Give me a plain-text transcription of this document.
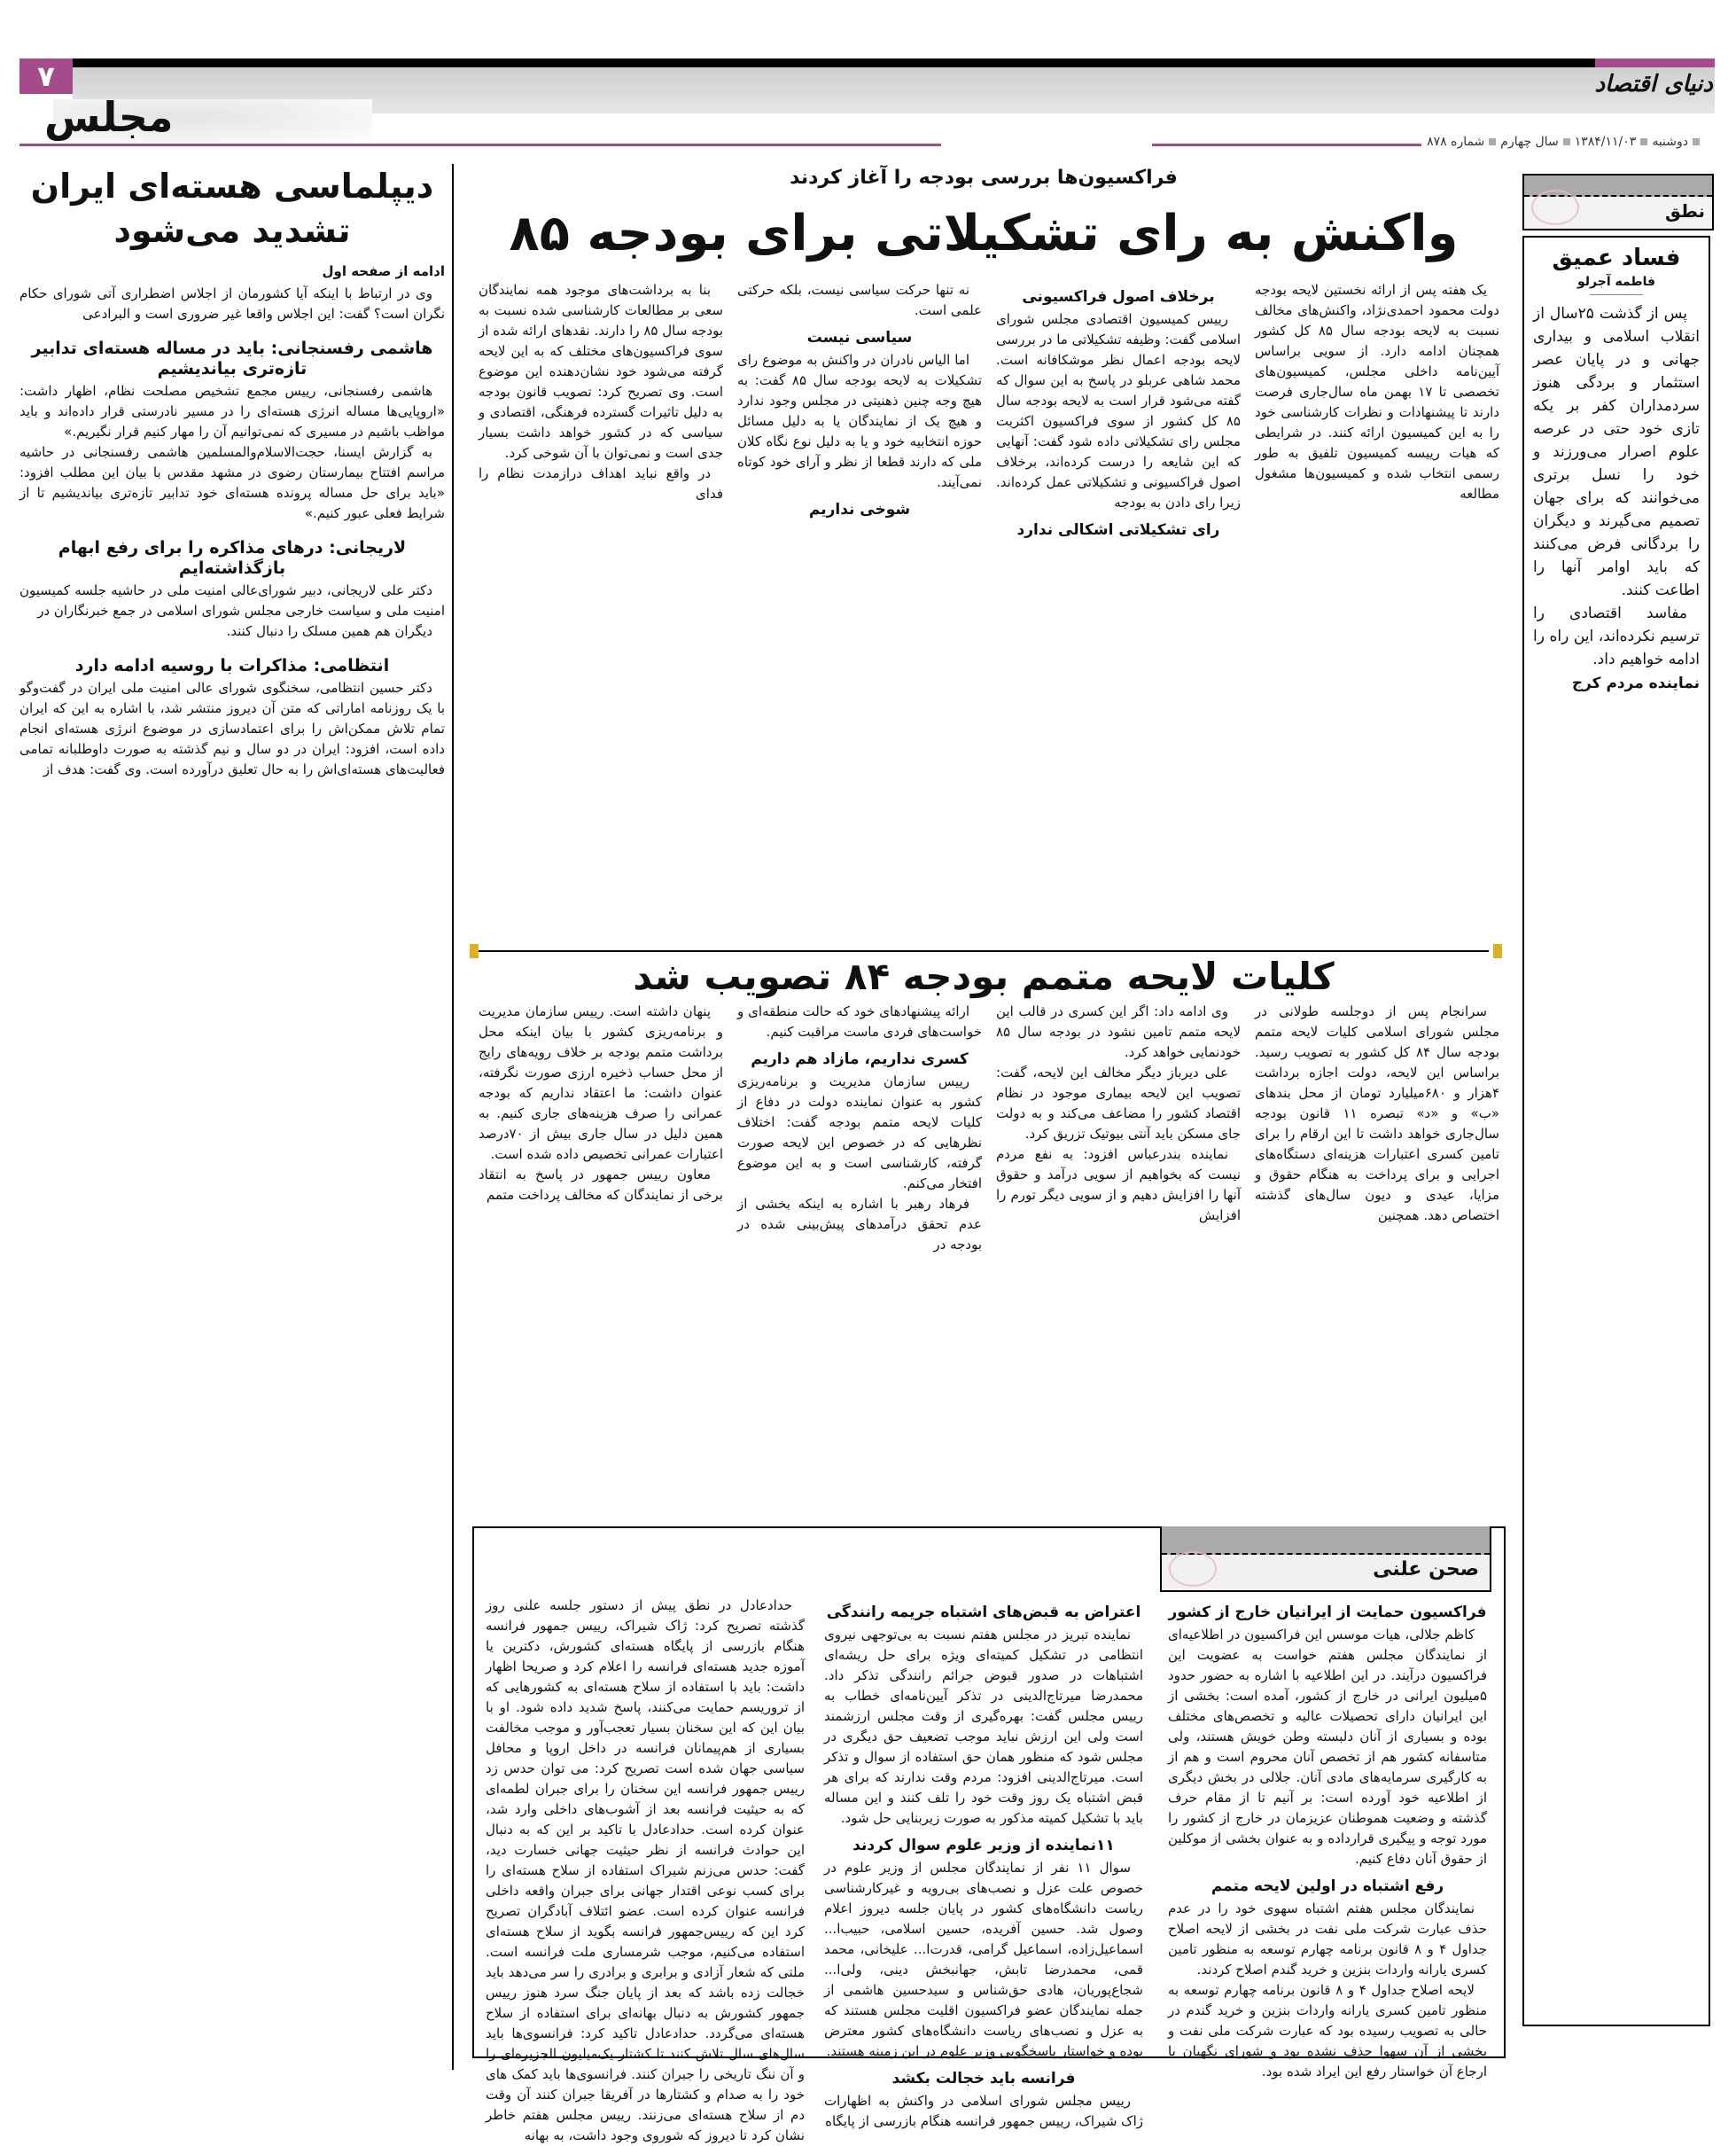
۷	دنیای اقتصاد
مجلس
دوشنبه۱۳۸۴/۱۱/۰۳سال چهارمشماره ۸۷۸
دیپلماسی هسته‌ای ایران تشدید می‌شود
ادامه از صفحه اول

وی در ارتباط با اینکه آیا کشورمان از اجلاس اضطراری آتی شورای حکام نگران است؟ گفت: این اجلاس واقعا غیر ضروری است و البرادعی

هاشمی رفسنجانی: باید در مساله هسته‌ای تدابیر تازه‌تری بیاندیشیم

هاشمی رفسنجانی، رییس مجمع تشخیص مصلحت نظام، اظهار داشت: «اروپایی‌ها مساله انرژی هسته‌ای را در مسیر نادرستی قرار داده‌اند و باید مواظب باشیم در مسیری که نمی‌توانیم آن را مهار کنیم قرار نگیریم.»

به گزارش ایسنا، حجت‌الاسلام‌والمسلمین هاشمی رفسنجانی در حاشیه مراسم افتتاح بیمارستان رضوی در مشهد مقدس با بیان این مطلب افزود: «باید برای حل مساله پرونده هسته‌ای خود تدابیر تازه‌تری بیاندیشیم تا از شرایط فعلی عبور کنیم.»

لاریجانی: درهای مذاکره را برای رفع ابهام بازگذاشته‌ایم

دکتر علی لاریجانی، دبیر شورای‌عالی امنیت ملی در حاشیه جلسه کمیسیون امنیت ملی و سیاست خارجی مجلس شورای اسلامی در جمع خبرنگاران در

دیگران هم همین مسلک را دنبال کنند.

انتظامی: مذاکرات با روسیه ادامه دارد

دکتر حسین انتظامی، سخنگوی شورای عالی امنیت ملی ایران در گفت‌وگو با یک روزنامه اماراتی که متن آن دیروز منتشر شد، با اشاره به این که ایران تمام تلاش ممکن‌اش را برای اعتمادسازی در موضوع انرژی هسته‌ای انجام داده است، افزود: ایران در دو سال و نیم گذشته به صورت داوطلبانه تمامی فعالیت‌های هسته‌ای‌اش را به حال تعلیق درآورده است. وی گفت: هدف از

فراکسیون‌ها بررسی بودجه را آغاز کردند
واکنش به رای تشکیلاتی برای بودجه ۸۵

یک هفته پس از ارائه نخستین لایحه بودجه دولت محمود احمدی‌نژاد، واکنش‌های مخالف نسبت به لایحه بودجه سال ۸۵ کل کشور همچنان ادامه دارد. از سویی براساس آیین‌نامه داخلی مجلس، کمیسیون‌های تخصصی تا ۱۷ بهمن ماه سال‌جاری فرصت دارند تا پیشنهادات و نظرات کارشناسی خود را به این کمیسیون ارائه کنند. در شرایطی که هیات رییسه کمیسیون تلفیق به طور رسمی انتخاب شده و کمیسیون‌ها مشغول مطالعه

برخلاف اصول فراکسیونی

رییس کمیسیون اقتصادی مجلس شورای اسلامی گفت: وظیفه تشکیلاتی ما در بررسی لایحه بودجه اعمال نظر موشکافانه است. محمد شاهی عربلو در پاسخ به این سوال که گفته می‌شود قرار است به لایحه بودجه سال ۸۵ کل کشور از سوی فراکسیون اکثریت مجلس رای تشکیلاتی داده شود گفت: آنهایی که این شایعه را درست کرده‌اند، برخلاف اصول فراکسیونی و تشکیلاتی عمل کرده‌اند. زیرا رای دادن به بودجه

رای تشکیلاتی اشکالی ندارد

نه تنها حرکت سیاسی نیست، بلکه حرکتی علمی است.

سیاسی نیست

اما الیاس نادران در واکنش به موضوع رای تشکیلات به لایحه بودجه سال ۸۵ گفت: به هیچ وجه چنین ذهنیتی در مجلس وجود ندارد و هیچ یک از نمایندگان یا به دلیل مسائل حوزه انتخابیه خود و یا به دلیل نوع نگاه کلان ملی که دارند قطعا از نظر و آرای خود کوتاه نمی‌آیند.

شوخی نداریم

بنا به برداشت‌های موجود همه نمایندگان سعی بر مطالعات کارشناسی شده نسبت به بودجه سال ۸۵ را دارند. نقدهای ارائه شده از سوی فراکسیون‌های مختلف که به این لایحه گرفته می‌شود خود نشان‌دهنده این موضوع است. وی تصریح کرد: تصویب قانون بودجه به دلیل تاثیرات گسترده فرهنگی، اقتصادی و سیاسی که در کشور خواهد داشت بسیار جدی است و نمی‌توان با آن شوخی کرد.

در واقع نباید اهداف درازمدت نظام را فدای

کلیات لایحه متمم بودجه ۸۴ تصویب شد

سرانجام پس از دوجلسه طولانی در مجلس شورای اسلامی کلیات لایحه متمم بودجه سال ۸۴ کل کشور به تصویب رسید. براساس این لایحه، دولت اجازه برداشت ۴هزار و ۶۸۰میلیارد تومان از محل بندهای «ب» و «د» تبصره ۱۱ قانون بودجه سال‌جاری خواهد داشت تا این ارقام را برای تامین کسری اعتبارات هزینه‌ای دستگاه‌های اجرایی و برای پرداخت به هنگام حقوق و مزایا، عیدی و دیون سال‌های گذشته اختصاص دهد. همچنین

وی ادامه داد: اگر این کسری در قالب این لایحه متمم تامین نشود در بودجه سال ۸۵ خودنمایی خواهد کرد.

علی دیرباز دیگر مخالف این لایحه، گفت: تصویب این لایحه بیماری موجود در نظام اقتصاد کشور را مضاعف می‌کند و به دولت جای مسکن باید آنتی بیوتیک تزریق کرد.

نماینده بندرعباس افزود: به نفع مردم نیست که بخواهیم از سویی درآمد و حقوق آنها را افزایش دهیم و از سویی دیگر تورم را افزایش

ارائه پیشنهادهای خود که حالت منطقه‌ای و خواست‌های فردی ماست مراقبت کنیم.

کسری نداریم، مازاد هم داریم

رییس سازمان مدیریت و برنامه‌ریزی کشور به عنوان نماینده دولت در دفاع از کلیات لایحه متمم بودجه گفت: اختلاف نظرهایی که در خصوص این لایحه صورت گرفته، کارشناسی است و به این موضوع افتخار می‌کنم.

فرهاد رهبر با اشاره به اینکه بخشی از عدم تحقق درآمدهای پیش‌بینی شده در بودجه در

پنهان داشته است. رییس سازمان مدیریت و برنامه‌ریزی کشور با بیان اینکه محل برداشت متمم بودجه بر خلاف رویه‌های رایج از محل حساب ذخیره ارزی صورت نگرفته، عنوان داشت: ما اعتقاد نداریم که بودجه عمرانی را صرف هزینه‌های جاری کنیم. به همین دلیل در سال جاری بیش از ۷۰درصد اعتبارات عمرانی تخصیص داده شده است.

معاون رییس جمهور در پاسخ به انتقاد برخی از نمایندگان که مخالف پرداخت متمم

صحن علنی
فراکسیون حمایت از ایرانیان خارج از کشور

کاظم جلالی، هیات موسس این فراکسیون در اطلاعیه‌ای از نمایندگان مجلس هفتم خواست به عضویت این فراکسیون درآیند. در این اطلاعیه با اشاره به حضور حدود ۵میلیون ایرانی در خارج از کشور، آمده است: بخشی از این ایرانیان دارای تحصیلات عالیه و تخصص‌های مختلف بوده و بسیاری از آنان دلبسته وطن خویش هستند، ولی متاسفانه کشور هم از تخصص آنان محروم است و هم از به کارگیری سرمایه‌های مادی آنان. جلالی در بخش دیگری از اطلاعیه خود آورده است: بر آنیم تا از مقام حرف گذشته و وضعیت هموطنان عزیزمان در خارج از کشور را مورد توجه و پیگیری قرارداده و به عنوان بخشی از موکلین از حقوق آنان دفاع کنیم.

رفع اشتباه در اولین لایحه متمم

نمایندگان مجلس هفتم اشتباه سهوی خود را در عدم حذف عبارت شرکت ملی نفت در بخشی از لایحه اصلاح جداول ۴ و ۸ قانون برنامه چهارم توسعه به منظور تامین کسری یارانه واردات بنزین و خرید گندم اصلاح کردند.

لایحه اصلاح جداول ۴ و ۸ قانون برنامه چهارم توسعه به منظور تامین کسری یارانه واردات بنزین و خرید گندم در حالی به تصویب رسیده بود که عبارت شرکت ملی نفت و بخشی از آن سهوا حذف نشده بود و شورای نگهبان با ارجاع آن خواستار رفع این ایراد شده بود.

اعتراض به قبض‌های اشتباه جریمه رانندگی

نماینده تبریز در مجلس هفتم نسبت به بی‌توجهی نیروی انتظامی در تشکیل کمیته‌ای ویژه برای حل ریشه‌ای اشتباهات در صدور قبوض جرائم رانندگی تذکر داد. محمدرضا میرتاج‌الدینی در تذکر آیین‌نامه‌ای خطاب به رییس مجلس گفت: بهره‌گیری از وقت مجلس ارزشمند است ولی این ارزش نباید موجب تضعیف حق دیگری در مجلس شود که منظور همان حق استفاده از سوال و تذکر است. میرتاج‌الدینی افزود: مردم وقت ندارند که برای هر قبض اشتباه یک روز وقت خود را تلف کنند و این مساله باید با تشکیل کمیته مذکور به صورت زیربنایی حل شود.

۱۱نماینده از وزیر علوم سوال کردند

سوال ۱۱ نفر از نمایندگان مجلس از وزیر علوم در خصوص علت عزل و نصب‌های بی‌رویه و غیرکارشناسی ریاست دانشگاه‌های کشور در پایان جلسه دیروز اعلام وصول شد. حسین آفریده، حسین اسلامی، حبیب‌ا... اسماعیل‌زاده، اسماعیل گرامی، قدرت‌ا... علیخانی، محمد قمی، محمدرضا تابش، جهانبخش دینی، ولی‌ا... شجاع‌پوریان، هادی حق‌شناس و سیدحسین هاشمی از جمله نمایندگان عضو فراکسیون اقلیت مجلس هستند که به عزل و نصب‌های ریاست دانشگاه‌های کشور معترض بوده و خواستار پاسخگویی وزیر علوم در این زمینه هستند.

فرانسه باید خجالت بکشد

رییس مجلس شورای اسلامی در واکنش به اظهارات ژاک شیراک، رییس جمهور فرانسه هنگام بازرسی از پایگاه

حدادعادل در نطق پیش از دستور جلسه علنی روز گذشته تصریح کرد: ژاک شیراک، رییس جمهور فرانسه هنگام بازرسی از پایگاه هسته‌ای کشورش، دکترین یا آموزه جدید هسته‌ای فرانسه را اعلام کرد و صریحا اظهار داشت: باید با استفاده از سلاح هسته‌ای به کشورهایی که از تروریسم حمایت می‌کنند، پاسخ شدید داده شود. او با بیان این که این سخنان بسیار تعجب‌آور و موجب مخالفت بسیاری از هم‌پیمانان فرانسه در داخل اروپا و محافل سیاسی جهان شده است تصریح کرد: می توان حدس زد رییس جمهور فرانسه این سخنان را برای جبران لطمه‌ای که به حیثیت فرانسه بعد از آشوب‌های داخلی وارد شد، عنوان کرده است. حدادعادل با تاکید بر این که به دنبال این حوادث فرانسه از نظر حیثیت جهانی خسارت دید، گفت: حدس می‌زنم شیراک استفاده از سلاح هسته‌ای را برای کسب نوعی اقتدار جهانی برای جبران واقعه داخلی فرانسه عنوان کرده است. عضو ائتلاف آبادگران تصریح کرد این که رییس‌جمهور فرانسه بگوید از سلاح هسته‌ای استفاده می‌کنیم، موجب شرمساری ملت فرانسه است. ملتی که شعار آزادی و برابری و برادری را سر می‌دهد باید خجالت زده باشد که بعد از پایان جنگ سرد هنوز رییس جمهور کشورش به دنبال بهانه‌ای برای استفاده از سلاح هسته‌ای می‌گردد. حدادعادل تاکید کرد: فرانسوی‌ها باید سال‌های سال تلاش کنند تا کشتار یک‌میلیون الجزیره‌ای را و آن ننگ تاریخی را جبران کنند. فرانسوی‌ها باید کمک های خود را به صدام و کشتارها در آفریقا جبران کنند آن وقت دم از سلاح هسته‌ای می‌زنند. رییس مجلس هفتم خاطر نشان کرد تا دیروز که شوروی وجود داشت، به بهانه

نطق
فساد عمیق
فاطمه آجرلو

پس از گذشت ۲۵سال از انقلاب اسلامی و بیداری جهانی و در پایان عصر استثمار و بردگی هنوز سردمداران کفر بر یکه تازی خود حتی در عرصه علوم اصرار می‌ورزند و خود را نسل برتری می‌خوانند که برای جهان تصمیم می‌گیرند و دیگران را بردگانی فرض می‌کنند که باید اوامر آنها را اطاعت کنند.

مفاسد اقتصادی را ترسیم نکرده‌اند، این راه را ادامه خواهیم داد.

نماینده مردم کرج
